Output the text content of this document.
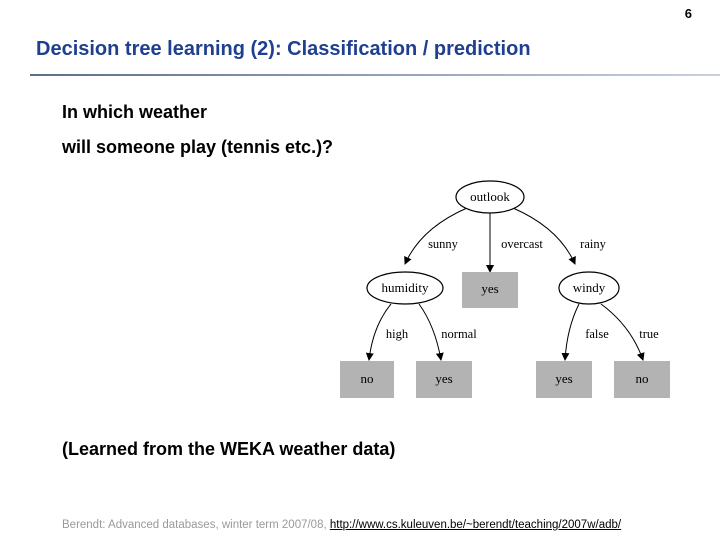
6
Decision tree learning (2): Classification / prediction
In which weather
will someone play (tennis etc.)?
outlook
humidity	windy
yes
no	yes	yes	no
sunny	overcast	rainy
high	normal	false true
(Learned from the WEKA weather data)
Berendt: Advanced databases, winter term 2007/08, http://www.cs.kuleuven.be/~berendt/teaching/2007w/adb/
